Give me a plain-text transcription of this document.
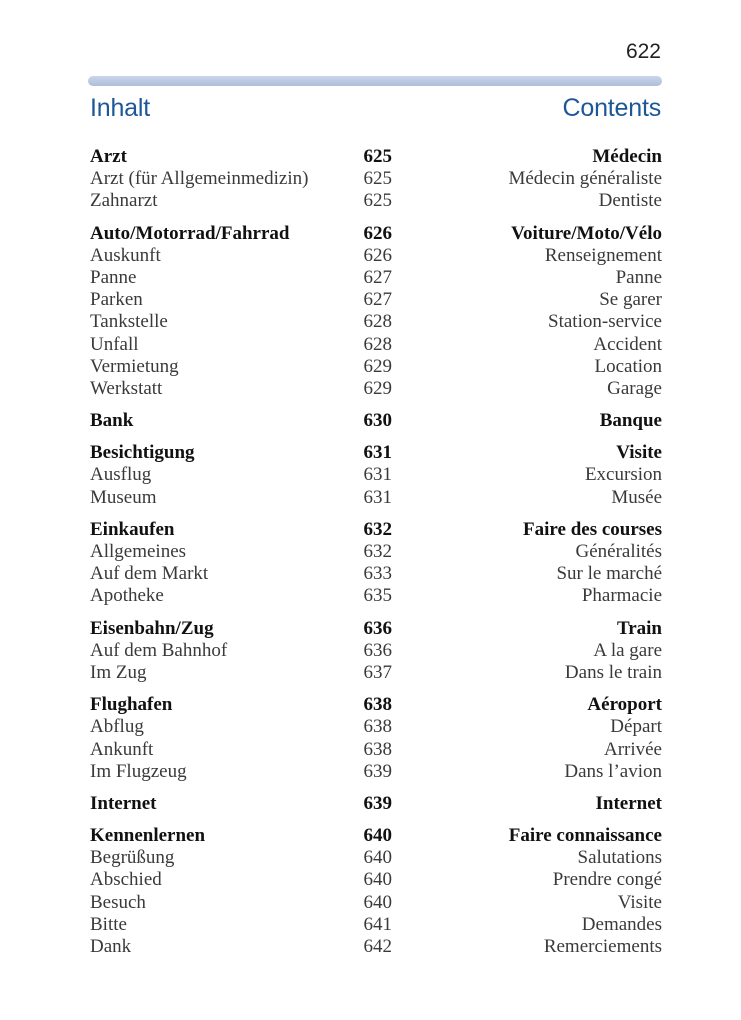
622
Inhalt	Contents
Arzt	625	Médecin
Arzt (für Allgemeinmedizin)	625	Médecin généraliste
Zahnarzt	625	Dentiste
Auto/Motorrad/Fahrrad	626	Voiture/Moto/Vélo
Auskunft	626	Renseignement
Panne	627	Panne
Parken	627	Se garer
Tankstelle	628	Station-service
Unfall	628	Accident
Vermietung	629	Location
Werkstatt	629	Garage
Bank	630	Banque
Besichtigung	631	Visite
Ausflug	631	Excursion
Museum	631	Musée
Einkaufen	632	Faire des courses
Allgemeines	632	Généralités
Auf dem Markt	633	Sur le marché
Apotheke	635	Pharmacie
Eisenbahn/Zug	636	Train
Auf dem Bahnhof	636	A la gare
Im Zug	637	Dans le train
Flughafen	638	Aéroport
Abflug	638	Départ
Ankunft	638	Arrivée
Im Flugzeug	639	Dans l’avion
Internet	639	Internet
Kennenlernen	640	Faire connaissance
Begrüßung	640	Salutations
Abschied	640	Prendre congé
Besuch	640	Visite
Bitte	641	Demandes
Dank	642	Remerciements
